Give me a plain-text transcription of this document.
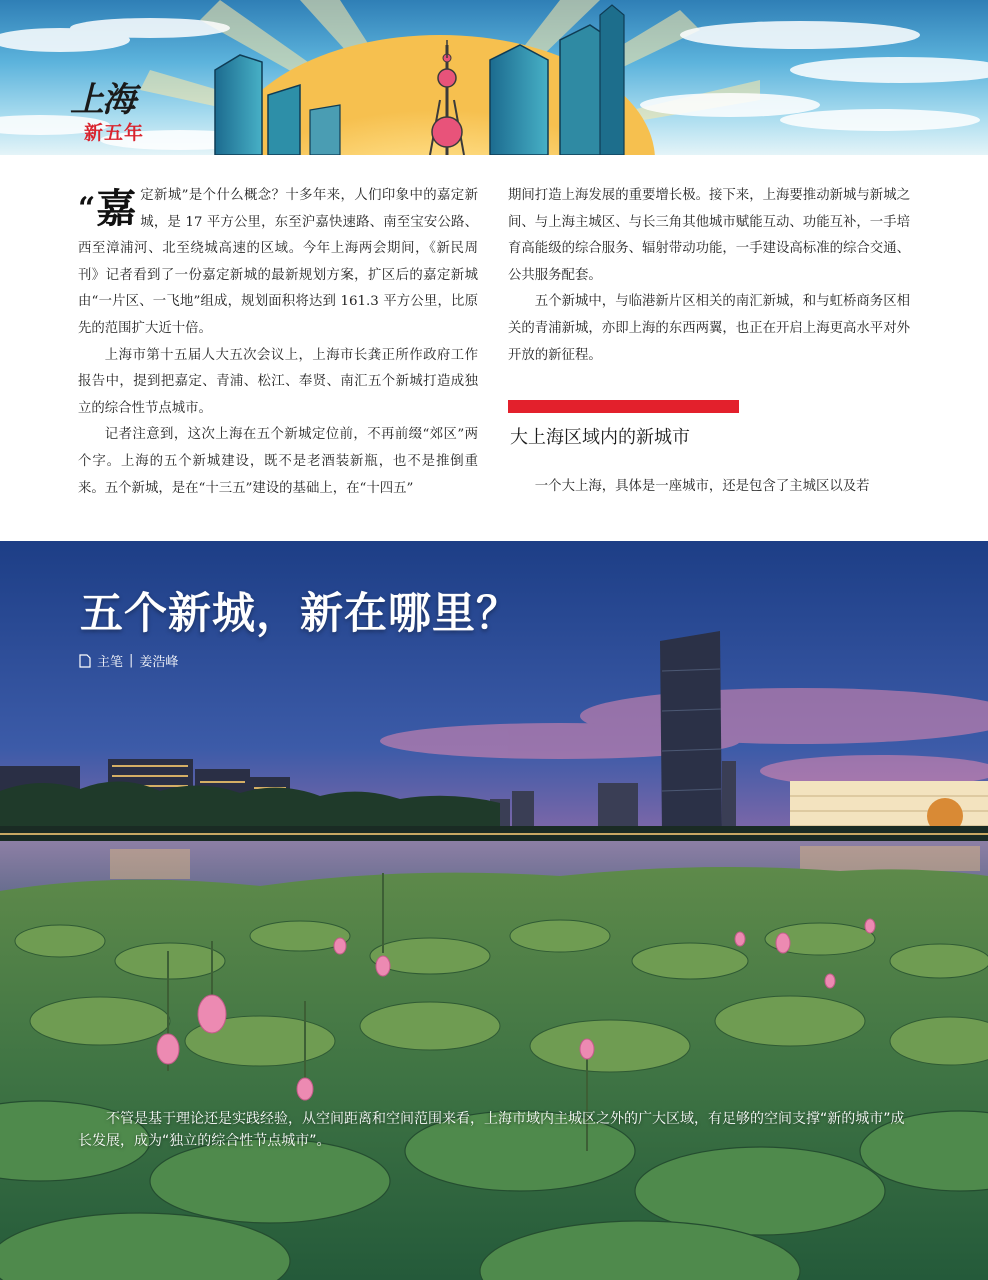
上海
新五年

“嘉 定新城”是个什么概念？十多年来，人们印象中的嘉定新城，是 17 平方公里，东至沪嘉快速路、南至宝安公路、西至漳浦河、北至绕城高速的区域。今年上海两会期间，《新民周刊》记者看到了一份嘉定新城的最新规划方案，扩区后的嘉定新城由“一片区、一飞地”组成，规划面积将达到 161.3 平方公里，比原先的范围扩大近十倍。

上海市第十五届人大五次会议上，上海市长龚正所作政府工作报告中，提到把嘉定、青浦、松江、奉贤、南汇五个新城打造成独立的综合性节点城市。

记者注意到，这次上海在五个新城定位前，不再前缀“郊区”两个字。上海的五个新城建设，既不是老酒装新瓶，也不是推倒重来。五个新城，是在“十三五”建设的基础上，在“十四五”

期间打造上海发展的重要增长极。接下来，上海要推动新城与新城之间、与上海主城区、与长三角其他城市赋能互动、功能互补，一手培育高能级的综合服务、辐射带动功能，一手建设高标准的综合交通、公共服务配套。

五个新城中，与临港新片区相关的南汇新城，和与虹桥商务区相关的青浦新城，亦即上海的东西两翼，也正在开启上海更高水平对外开放的新征程。

大上海区域内的新城市

一个大上海，具体是一座城市，还是包含了主城区以及若

五个新城，新在哪里？
主笔 | 姜浩峰

不管是基于理论还是实践经验，从空间距离和空间范围来看，上海市域内主城区之外的广大区域，有足够的空间支撑“新的城市”成长发展，成为“独立的综合性节点城市”。
